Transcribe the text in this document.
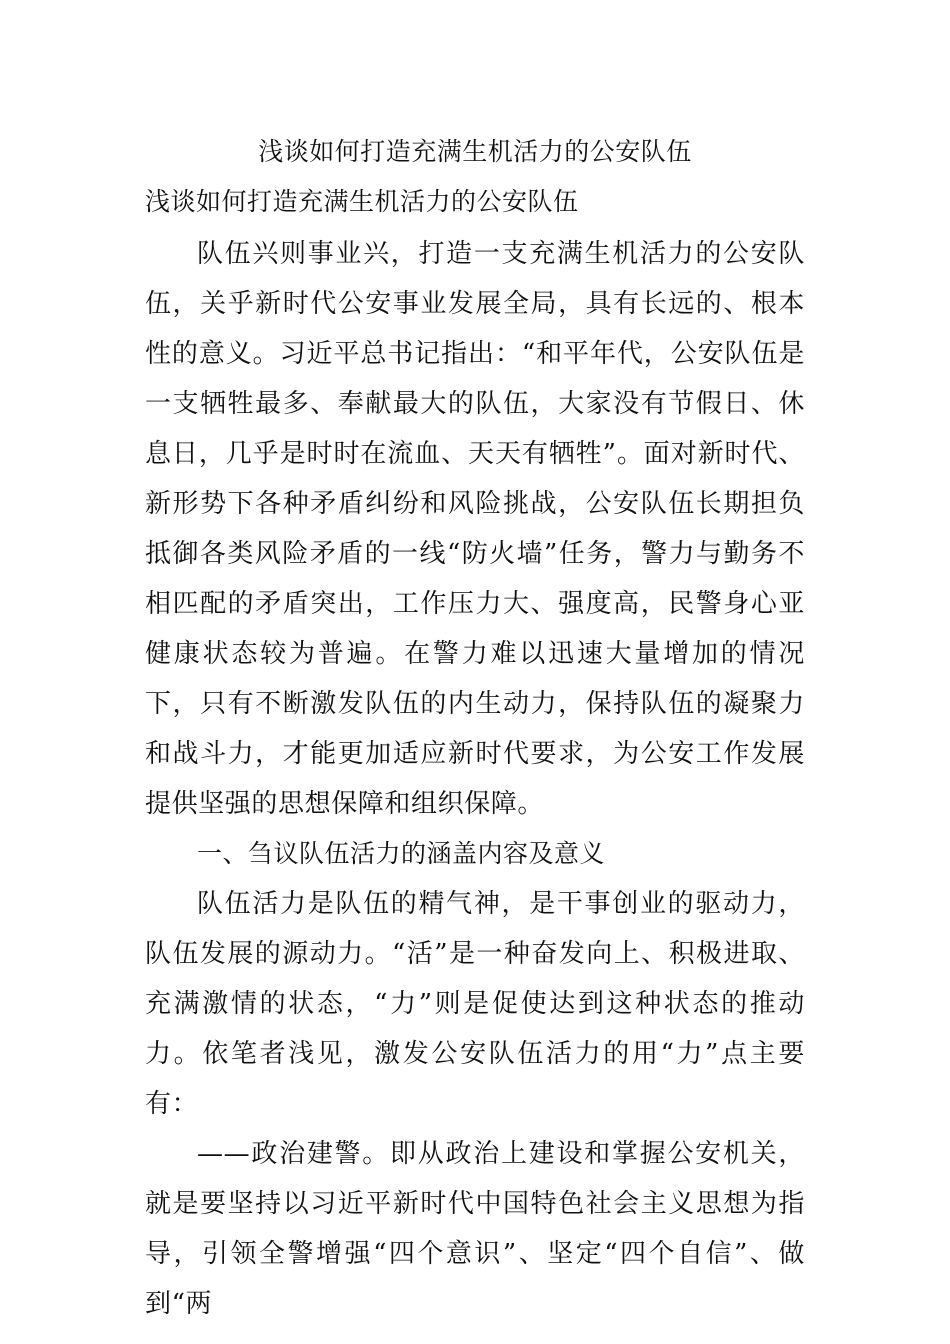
浅谈如何打造充满生机活力的公安队伍
浅谈如何打造充满生机活力的公安队伍

队伍兴则事业兴，打造一支充满生机活力的公安队伍，关乎新时代公安事业发展全局，具有长远的、根本性的意义。习近平总书记指出：“和平年代，公安队伍是一支牺牲最多、奉献最大的队伍，大家没有节假日、休息日，几乎是时时在流血、天天有牺牲”。面对新时代、新形势下各种矛盾纠纷和风险挑战，公安队伍长期担负抵御各类风险矛盾的一线“防火墙”任务，警力与勤务不相匹配的矛盾突出，工作压力大、强度高，民警身心亚健康状态较为普遍。在警力难以迅速大量增加的情况下，只有不断激发队伍的内生动力，保持队伍的凝聚力和战斗力，才能更加适应新时代要求，为公安工作发展提供坚强的思想保障和组织保障。

一、刍议队伍活力的涵盖内容及意义

队伍活力是队伍的精气神，是干事创业的驱动力，队伍发展的源动力。“活”是一种奋发向上、积极进取、充满激情的状态，“力”则是促使达到这种状态的推动力。依笔者浅见，激发公安队伍活力的用“力”点主要有：

——政治建警。即从政治上建设和掌握公安机关，就是要坚持以习近平新时代中国特色社会主义思想为指导，引领全警增强“四个意识”、坚定“四个自信”、做到“两
